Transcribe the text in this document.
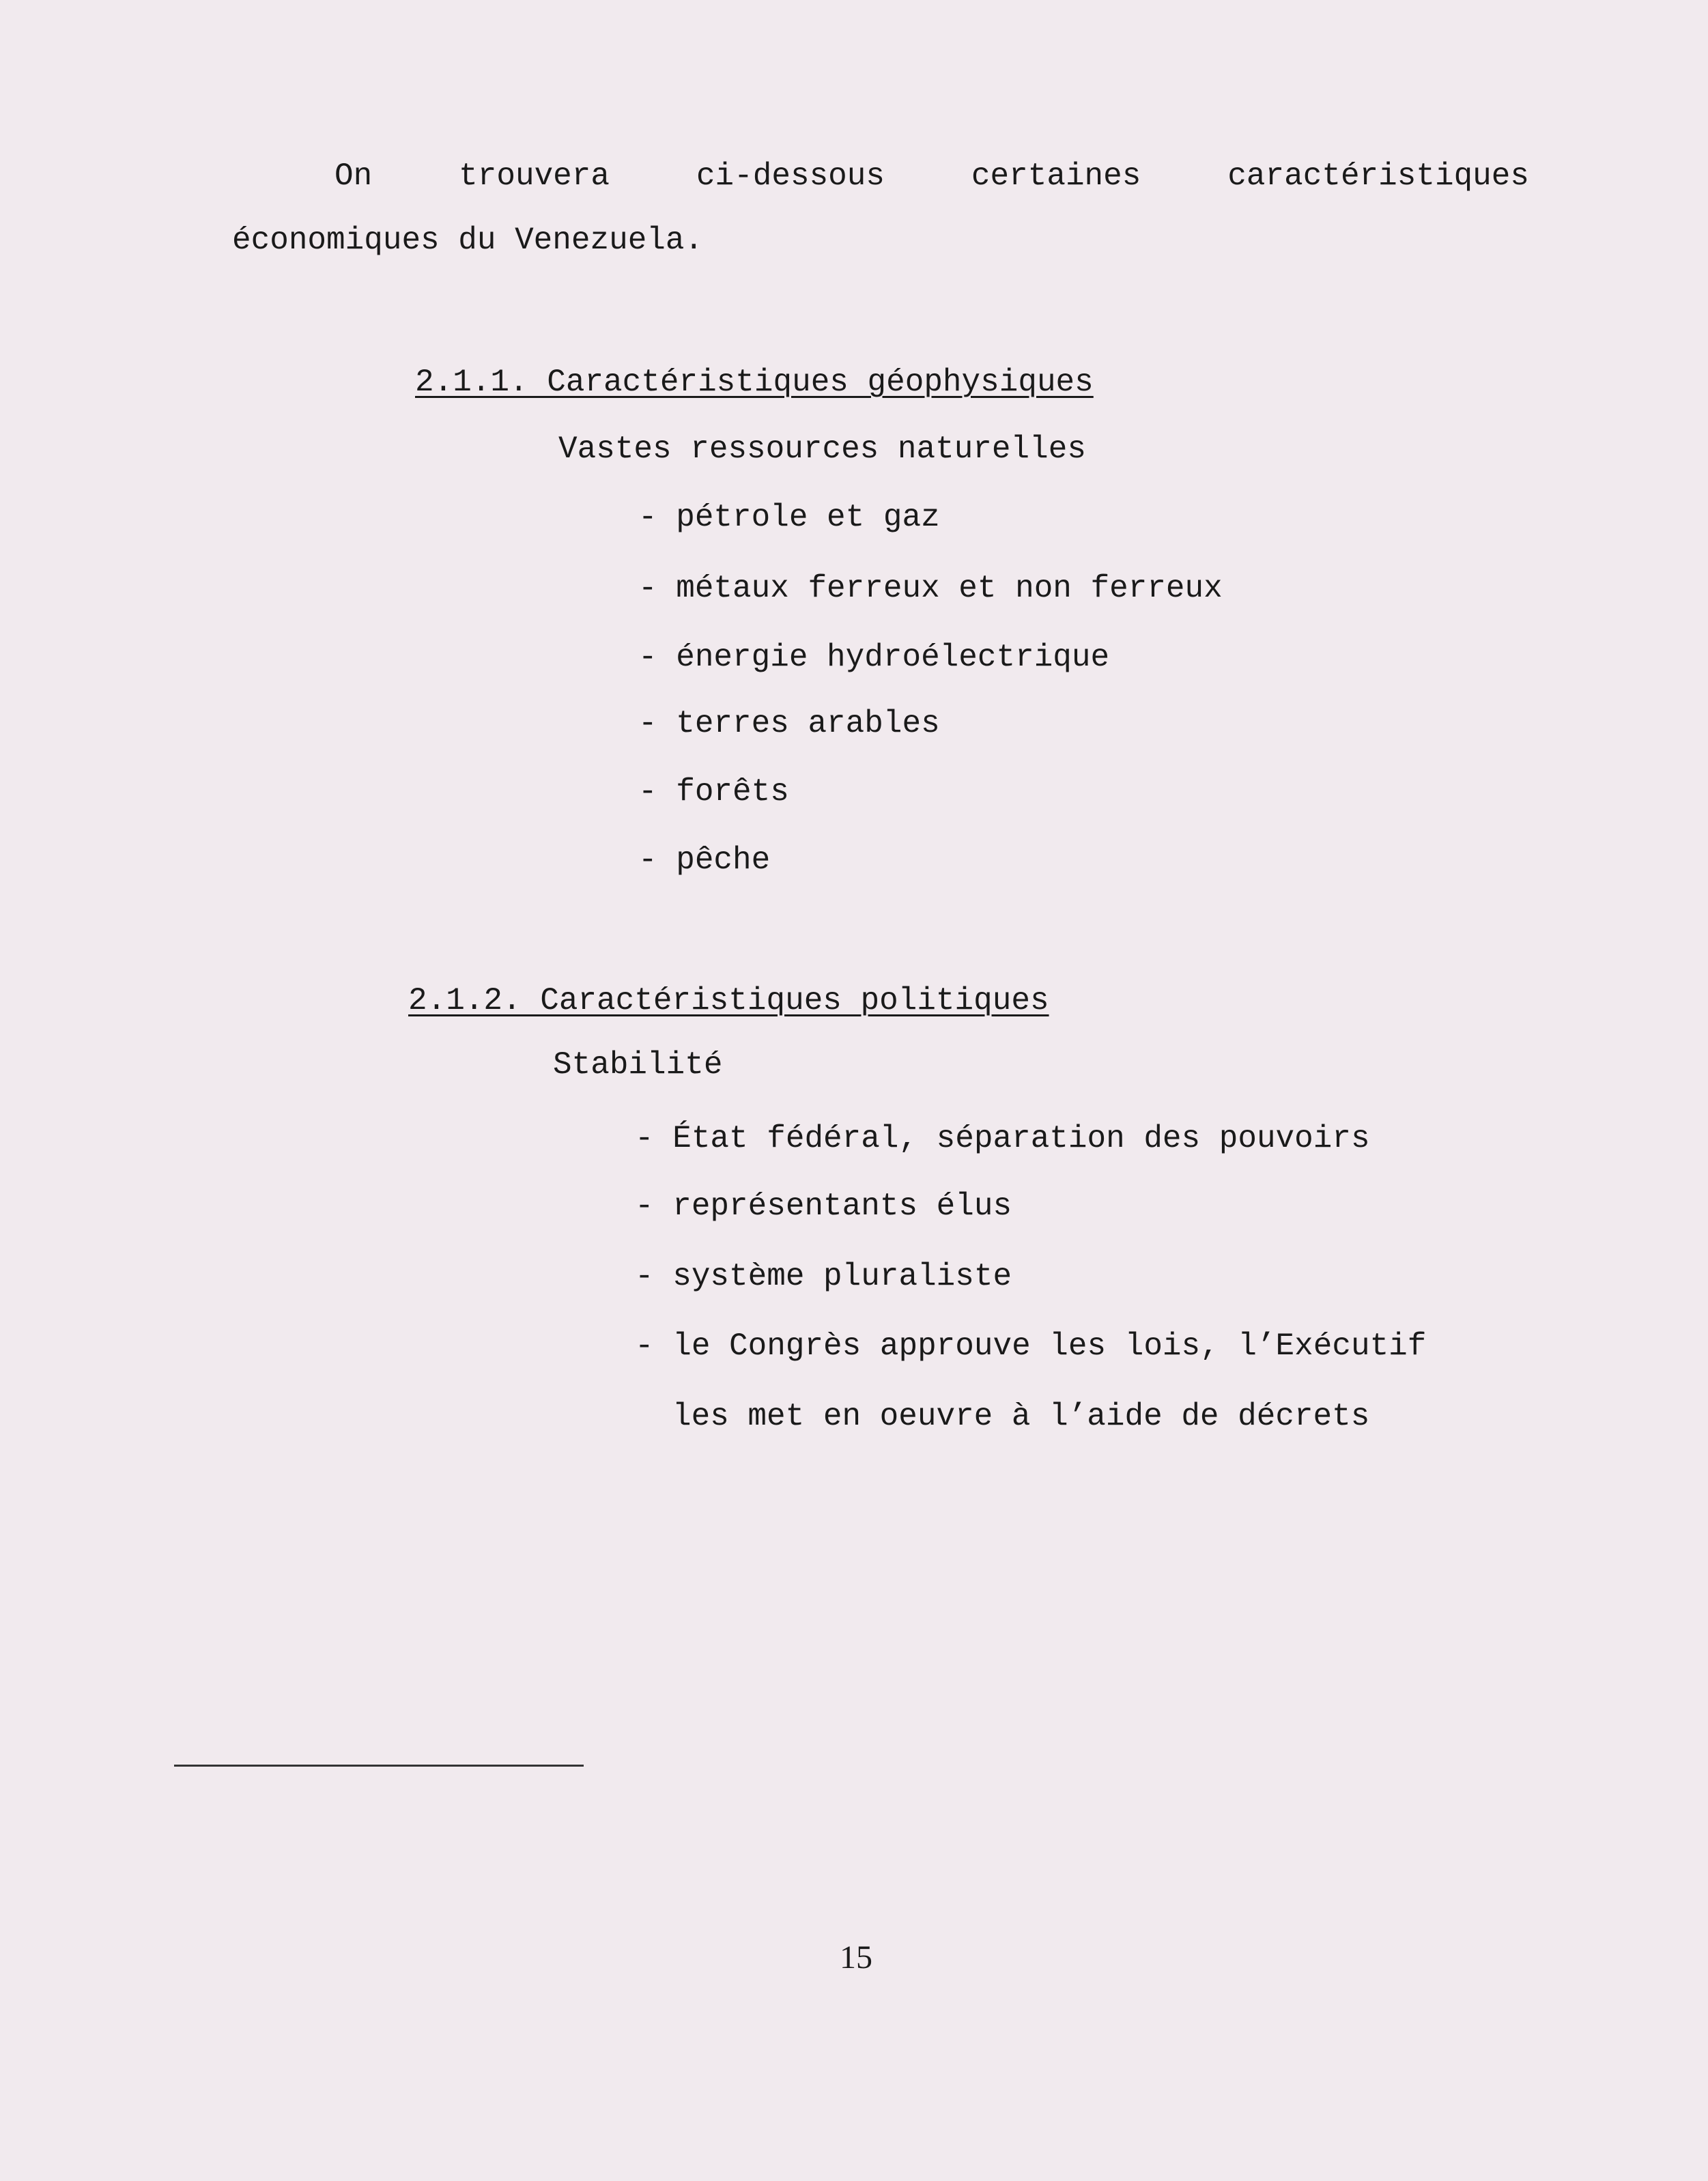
On	trouvera	ci-dessous	certaines	caractéristiques
économiques du Venezuela.
2.1.1. Caractéristiques géophysiques
Vastes ressources naturelles
- pétrole et gaz
- métaux ferreux et non ferreux
- énergie hydroélectrique
- terres arables
- forêts
- pêche
2.1.2. Caractéristiques politiques
Stabilité
- État fédéral, séparation des pouvoirs
- représentants élus
- système pluraliste
- le Congrès approuve les lois, l’Exécutif
les met en oeuvre à l’aide de décrets
15
